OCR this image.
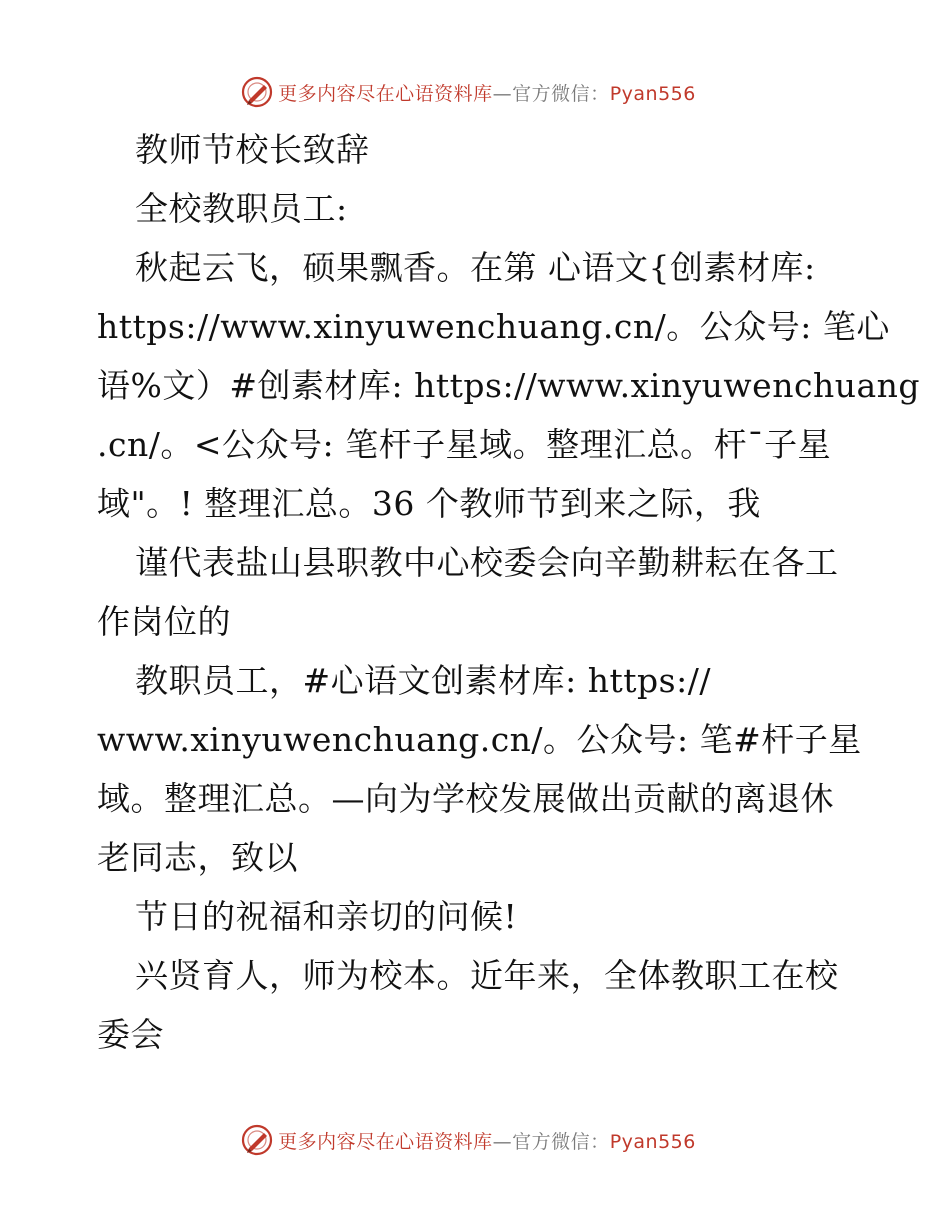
更多内容尽在心语资料库—官方微信：Pyan556
教师节校长致辞
全校教职员工:
秋起云飞，硕果飘香。在第 心语文{创素材库:
https://www.xinyuwenchuang.cn/。公众号: 笔心
语%文）#创素材库: https://www.xinyuwenchuang
.cn/。<公众号: 笔杆子星域。整理汇总。杆¯子星
域"。! 整理汇总。36 个教师节到来之际，我
谨代表盐山县职教中心校委会向辛勤耕耘在各工
作岗位的
教职员工，#心语文创素材库: https://
www.xinyuwenchuang.cn/。公众号: 笔#杆子星
域。整理汇总。—向为学校发展做出贡献的离退休
老同志，致以
节日的祝福和亲切的问候!
兴贤育人，师为校本。近年来，全体教职工在校
委会
更多内容尽在心语资料库—官方微信：Pyan556
